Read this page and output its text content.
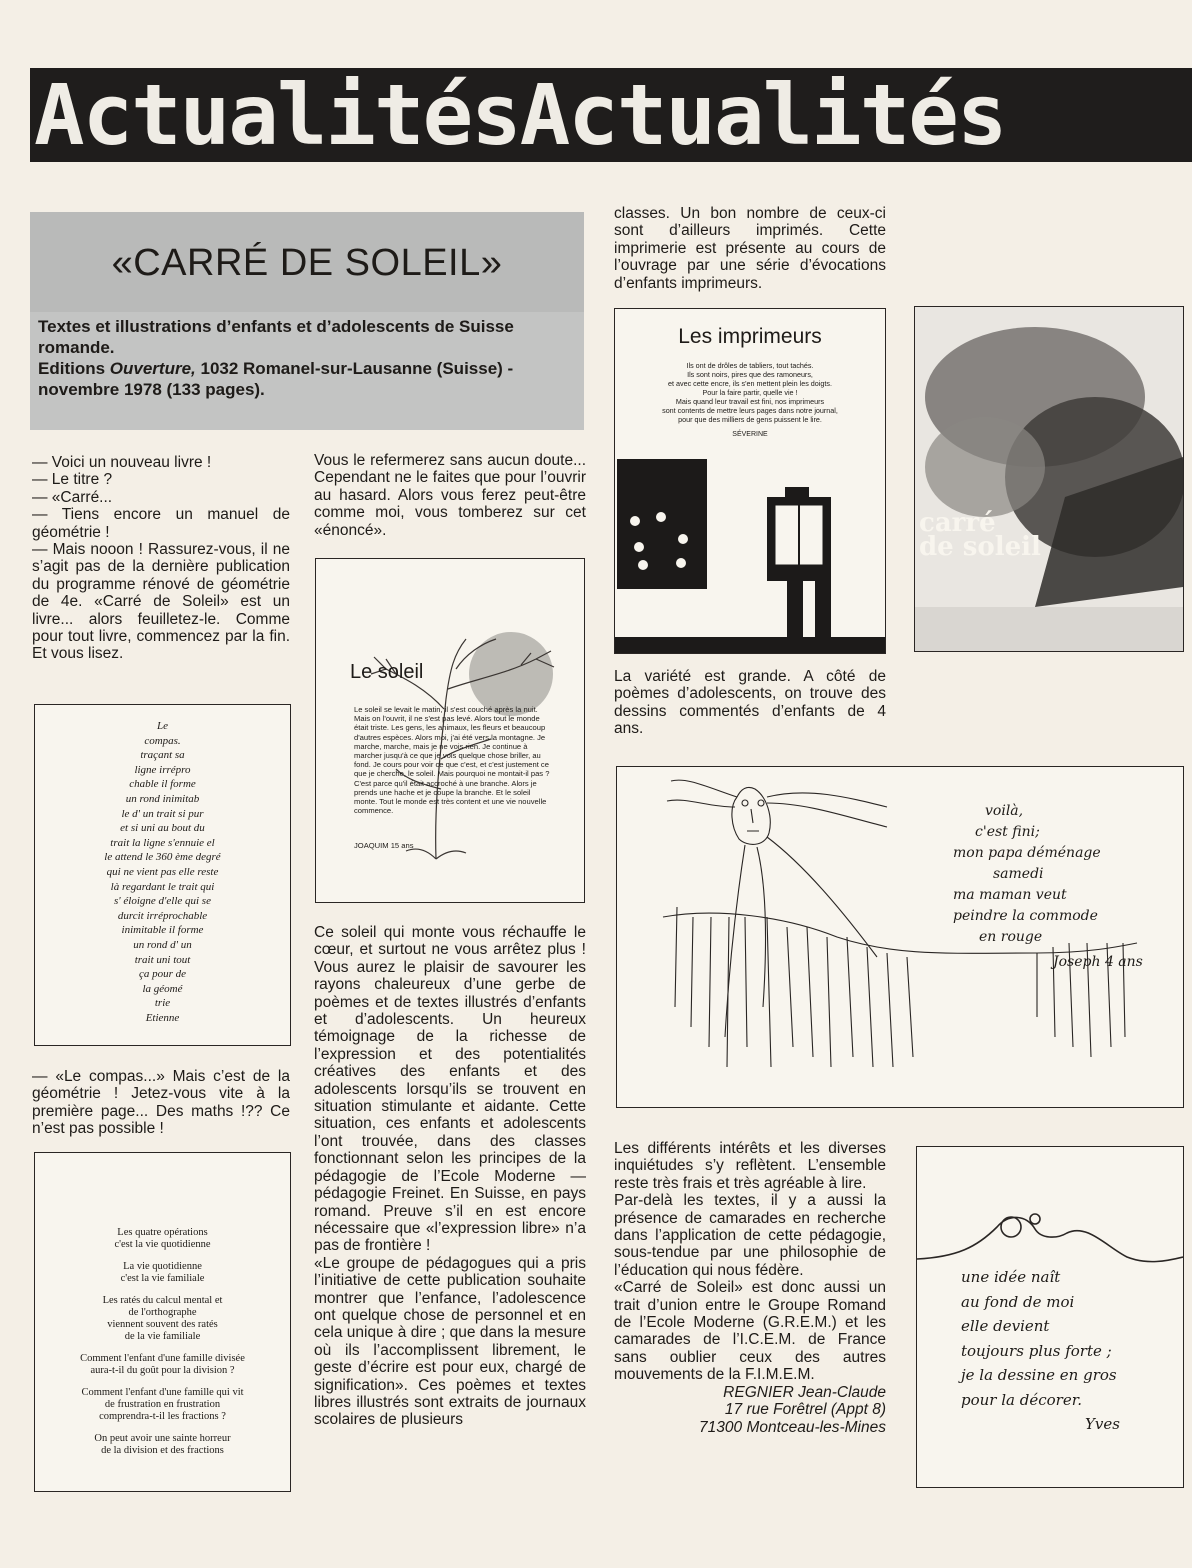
ActualitésActualités
«CARRÉ DE SOLEIL»
Textes et illustrations d’enfants et d’adolescents de Suisse romande.
Editions Ouverture, 1032 Romanel-sur-Lausanne (Suisse) - novembre 1978 (133 pages).

— Voici un nouveau livre !

— Le titre ?

— «Carré...

— Tiens encore un manuel de géométrie !

— Mais nooon ! Rassurez-vous, il ne s’agit pas de la dernière publication du programme rénové de géométrie de 4e. «Carré de Soleil» est un livre... alors feuilletez-le. Comme pour tout livre, commencez par la fin. Et vous lisez.

Le
compas.
traçant sa
ligne irrépro
chable il forme
un rond inimitab
le d' un trait si pur
et si uni au bout du
trait la ligne s'ennuie el
le attend le 360 ème degré
qui ne vient pas elle reste
là regardant le trait qui
s' éloigne d'elle qui se
durcit irréprochable
inimitable il forme
un rond d' un
trait uni tout
ça pour de
la géomé
trie
Etienne

— «Le compas...» Mais c’est de la géométrie ! Jetez-vous vite à la première page... Des maths !?? Ce n’est pas possible !

Les quatre opérations
c'est la vie quotidienne

La vie quotidienne
c'est la vie familiale

Les ratés du calcul mental et
de l'orthographe
viennent souvent des ratés
de la vie familiale

Comment l'enfant d'une famille divisée
aura-t-il du goût pour la division ?

Comment l'enfant d'une famille qui vit
de frustration en frustration
comprendra-t-il les fractions ?

On peut avoir une sainte horreur
de la division et des fractions

Vous le refermerez sans aucun doute... Cependant ne le faites que pour l’ouvrir au hasard. Alors vous ferez peut-être comme moi, vous tomberez sur cet «énoncé».

Le soleil
Le soleil se levait le matin, il s'est couché après la nuit. Mais on l'ouvrit, il ne s'est pas levé. Alors tout le monde était triste. Les gens, les animaux, les fleurs et beaucoup d'autres espèces. Alors moi, j'ai été vers la montagne. Je marche, marche, mais je ne vois rien. Je continue à marcher jusqu'à ce que je vois quelque chose briller, au fond. Je cours pour voir ce que c'est, et c'est justement ce que je cherche, le soleil. Mais pourquoi ne montait-il pas ?
C'est parce qu'il était accroché à une branche. Alors je prends une hache et je coupe la branche. Et le soleil monte. Tout le monde est très content et une vie nouvelle commence.
JOAQUIM 15 ans

Ce soleil qui monte vous réchauffe le cœur, et surtout ne vous arrêtez plus ! Vous aurez le plaisir de savourer les rayons chaleureux d’une gerbe de poèmes et de textes illustrés d’enfants et d’adolescents. Un heureux témoignage de la richesse de l’expression et des potentialités créatives des enfants et des adolescents lorsqu’ils se trouvent en situation stimulante et aidante. Cette situation, ces enfants et adolescents l’ont trouvée, dans des classes fonctionnant selon les principes de la pédagogie de l’Ecole Moderne — pédagogie Freinet. En Suisse, en pays romand. Preuve s’il en est encore nécessaire que «l’expression libre» n’a pas de frontière !

«Le groupe de pédagogues qui a pris l’initiative de cette publication souhaite montrer que l’enfance, l’adolescence ont quelque chose de personnel et en cela unique à dire ; que dans la mesure où ils l’accomplissent librement, le geste d’écrire est pour eux, chargé de signification». Ces poèmes et textes libres illustrés sont extraits de journaux scolaires de plusieurs

classes. Un bon nombre de ceux-ci sont d’ailleurs imprimés. Cette imprimerie est présente au cours de l’ouvrage par une série d’évocations d’enfants imprimeurs.

Les imprimeurs
Ils ont de drôles de tabliers, tout tachés.
Ils sont noirs, pires que des ramoneurs,
et avec cette encre, ils s'en mettent plein les doigts.
Pour la faire partir, quelle vie !
Mais quand leur travail est fini, nos imprimeurs
sont contents de mettre leurs pages dans notre journal,
pour que des milliers de gens puissent le lire.
SÉVERINE
carré
de soleil

La variété est grande. A côté de poèmes d’adolescents, on trouve des dessins commentés d’enfants de 4 ans.

voilà,
c'est fini;
mon papa déménage
samedi
ma maman veut
peindre la commode
en rouge
Joseph 4 ans

Les différents intérêts et les diverses inquiétudes s’y reflètent. L’ensemble reste très frais et très agréable à lire.

Par-delà les textes, il y a aussi la présence de camarades en recherche dans l’application de cette pédagogie, sous-tendue par une philosophie de l’éducation qui nous fédère.

«Carré de Soleil» est donc aussi un trait d’union entre le Groupe Romand de l’Ecole Moderne (G.R.E.M.) et les camarades de l’I.C.E.M. de France sans oublier ceux des autres mouvements de la F.I.M.E.M.

REGNIER Jean-Claude
17 rue Forêtrel (Appt 8)
71300 Montceau-les-Mines
une idée naît
au fond de moi
elle devient
toujours plus forte ;
je la dessine en gros
pour la décorer.
Yves
